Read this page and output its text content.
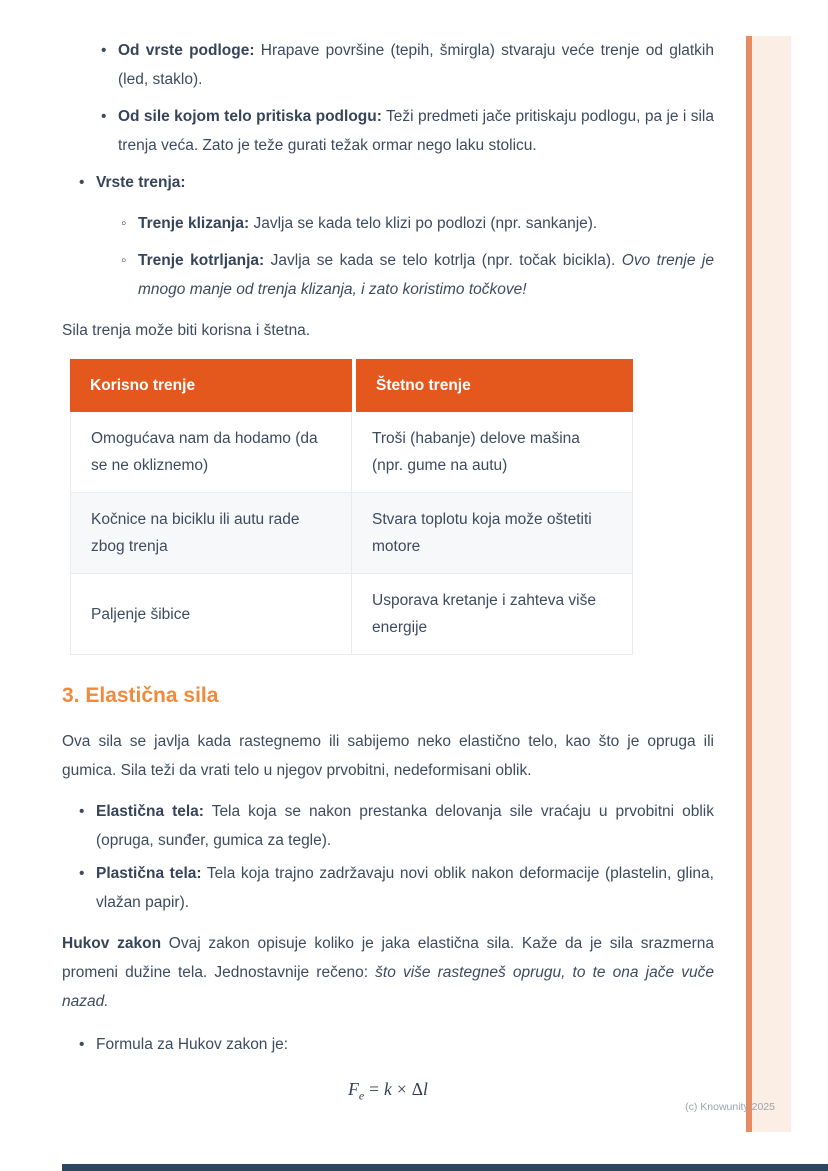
• Od vrste podloge: Hrapave površine (tepih, šmirgla) stvaraju veće trenje od glatkih (led, staklo).
• Od sile kojom telo pritiska podlogu: Teži predmeti jače pritiskaju podlogu, pa je i sila trenja veća. Zato je teže gurati težak ormar nego laku stolicu.
• Vrste trenja:
◦ Trenje klizanja: Javlja se kada telo klizi po podlozi (npr. sankanje).
◦ Trenje kotrljanja: Javlja se kada se telo kotrlja (npr. točak bicikla). Ovo trenje je mnogo manje od trenja klizanja, i zato koristimo točkove!

Sila trenja može biti korisna i štetna.

Korisno trenje	Štetno trenje
Omogućava nam da hodamo (da se ne okliznemo)	Troši (habanje) delove mašina (npr. gume na autu)
Kočnice na biciklu ili autu rade zbog trenja	Stvara toplotu koja može oštetiti motore
Paljenje šibice	Usporava kretanje i zahteva više energije
3. Elastična sila

Ova sila se javlja kada rastegnemo ili sabijemo neko elastično telo, kao što je opruga ili gumica. Sila teži da vrati telo u njegov prvobitni, nedeformisani oblik.

• Elastična tela: Tela koja se nakon prestanka delovanja sile vraćaju u prvobitni oblik (opruga, sunđer, gumica za tegle).
• Plastična tela: Tela koja trajno zadržavaju novi oblik nakon deformacije (plastelin, glina, vlažan papir).

Hukov zakon Ovaj zakon opisuje koliko je jaka elastična sila. Kaže da je sila srazmerna promeni dužine tela. Jednostavnije rečeno: što više rastegneš oprugu, to te ona jače vuče nazad.

• Formula za Hukov zakon je:
$F_e = k \times \Delta l$
(c) Knowunity 2025
